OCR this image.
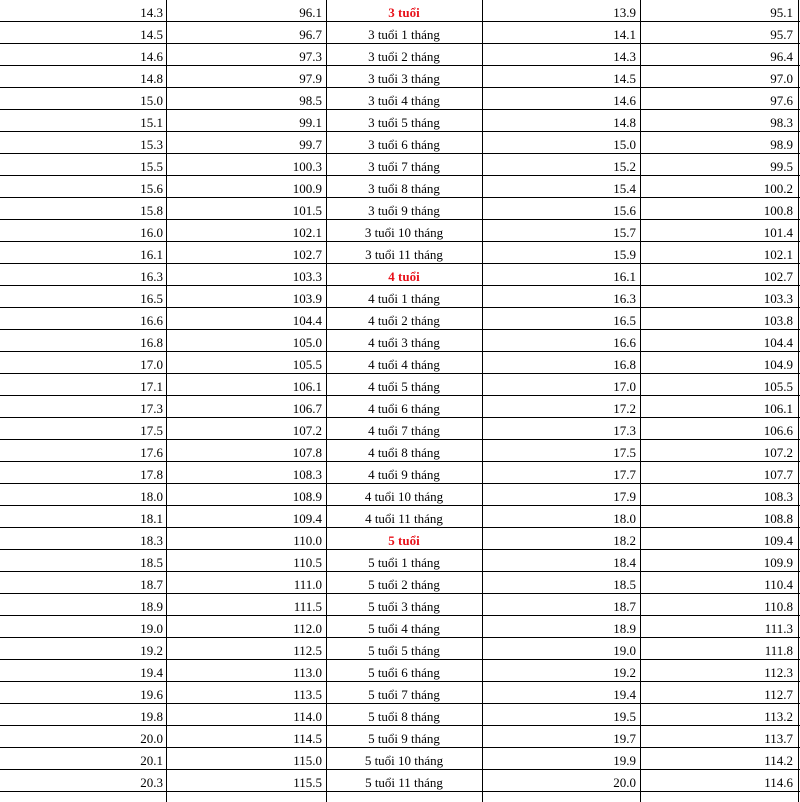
14.3	96.1	3 tuổi	13.9	95.1
14.5	96.7	3 tuổi 1 tháng	14.1	95.7
14.6	97.3	3 tuổi 2 tháng	14.3	96.4
14.8	97.9	3 tuổi 3 tháng	14.5	97.0
15.0	98.5	3 tuổi 4 tháng	14.6	97.6
15.1	99.1	3 tuổi 5 tháng	14.8	98.3
15.3	99.7	3 tuổi 6 tháng	15.0	98.9
15.5	100.3	3 tuổi 7 tháng	15.2	99.5
15.6	100.9	3 tuổi 8 tháng	15.4	100.2
15.8	101.5	3 tuổi 9 tháng	15.6	100.8
16.0	102.1	3 tuổi 10 tháng	15.7	101.4
16.1	102.7	3 tuổi 11 tháng	15.9	102.1
16.3	103.3	4 tuổi	16.1	102.7
16.5	103.9	4 tuổi 1 tháng	16.3	103.3
16.6	104.4	4 tuổi 2 tháng	16.5	103.8
16.8	105.0	4 tuổi 3 tháng	16.6	104.4
17.0	105.5	4 tuổi 4 tháng	16.8	104.9
17.1	106.1	4 tuổi 5 tháng	17.0	105.5
17.3	106.7	4 tuổi 6 tháng	17.2	106.1
17.5	107.2	4 tuổi 7 tháng	17.3	106.6
17.6	107.8	4 tuổi 8 tháng	17.5	107.2
17.8	108.3	4 tuổi 9 tháng	17.7	107.7
18.0	108.9	4 tuổi 10 tháng	17.9	108.3
18.1	109.4	4 tuổi 11 tháng	18.0	108.8
18.3	110.0	5 tuổi	18.2	109.4
18.5	110.5	5 tuổi 1 tháng	18.4	109.9
18.7	111.0	5 tuổi 2 tháng	18.5	110.4
18.9	111.5	5 tuổi 3 tháng	18.7	110.8
19.0	112.0	5 tuổi 4 tháng	18.9	111.3
19.2	112.5	5 tuổi 5 tháng	19.0	111.8
19.4	113.0	5 tuổi 6 tháng	19.2	112.3
19.6	113.5	5 tuổi 7 tháng	19.4	112.7
19.8	114.0	5 tuổi 8 tháng	19.5	113.2
20.0	114.5	5 tuổi 9 tháng	19.7	113.7
20.1	115.0	5 tuổi 10 tháng	19.9	114.2
20.3	115.5	5 tuổi 11 tháng	20.0	114.6
